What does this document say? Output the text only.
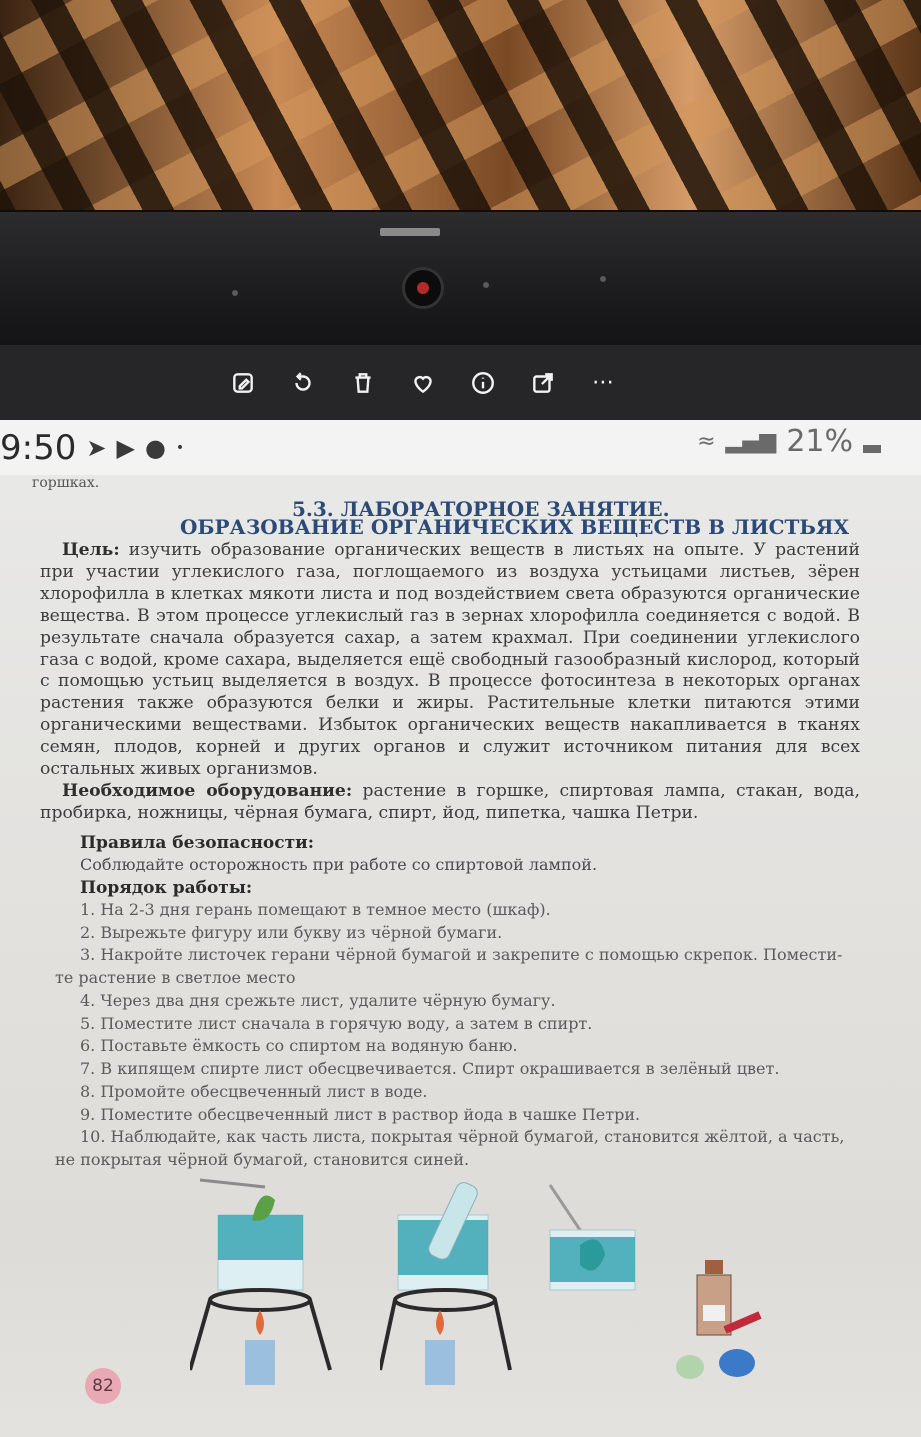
⋯
9:50 ➤ ▶ ● •	≈ ▂▄▆ 21%
горшках.
5.3. ЛАБОРАТОРНОЕ ЗАНЯТИЕ.
ОБРАЗОВАНИЕ ОРГАНИЧЕСКИХ ВЕЩЕСТВ В ЛИСТЬЯХ

Цель: изучить образование органических веществ в листьях на опыте. У растений при участии углекислого газа, поглощаемого из воздуха устьицами листьев, зёрен хлорофилла в клетках мякоти листа и под воздействием света образуются органические вещества. В этом процессе углекислый газ в зернах хлорофилла соединяется с водой. В результате сначала образуется сахар, а затем крахмал. При соединении углекислого газа с водой, кроме сахара, выделяется ещё свободный газообразный кислород, который с помощью устьиц выделяется в воздух. В процессе фотосинтеза в некоторых органах растения также образуются белки и жиры. Растительные клетки питаются этими органическими веществами. Избыток органических веществ накапливается в тканях семян, плодов, корней и других органов и служит источником питания для всех остальных живых организмов.

Необходимое оборудование: растение в горшке, спиртовая лампа, стакан, вода, пробирка, ножницы, чёрная бумага, спирт, йод, пипетка, чашка Петри.

Правила безопасности:
Соблюдайте осторожность при работе со спиртовой лампой.
Порядок работы:
1. На 2-3 дня герань помещают в темное место (шкаф).
2. Вырежьте фигуру или букву из чёрной бумаги.
3. Накройте листочек герани чёрной бумагой и закрепите с помощью скрепок. Помести-
те растение в светлое место
4. Через два дня срежьте лист, удалите чёрную бумагу.
5. Поместите лист сначала в горячую воду, а затем в спирт.
6. Поставьте ёмкость со спиртом на водяную баню.
7. В кипящем спирте лист обесцвечивается. Спирт окрашивается в зелёный цвет.
8. Промойте обесцвеченный лист в воде.
9. Поместите обесцвеченный лист в раствор йода в чашке Петри.
10. Наблюдайте, как часть листа, покрытая чёрной бумагой, становится жёлтой, а часть,
не покрытая чёрной бумагой, становится синей.
82
